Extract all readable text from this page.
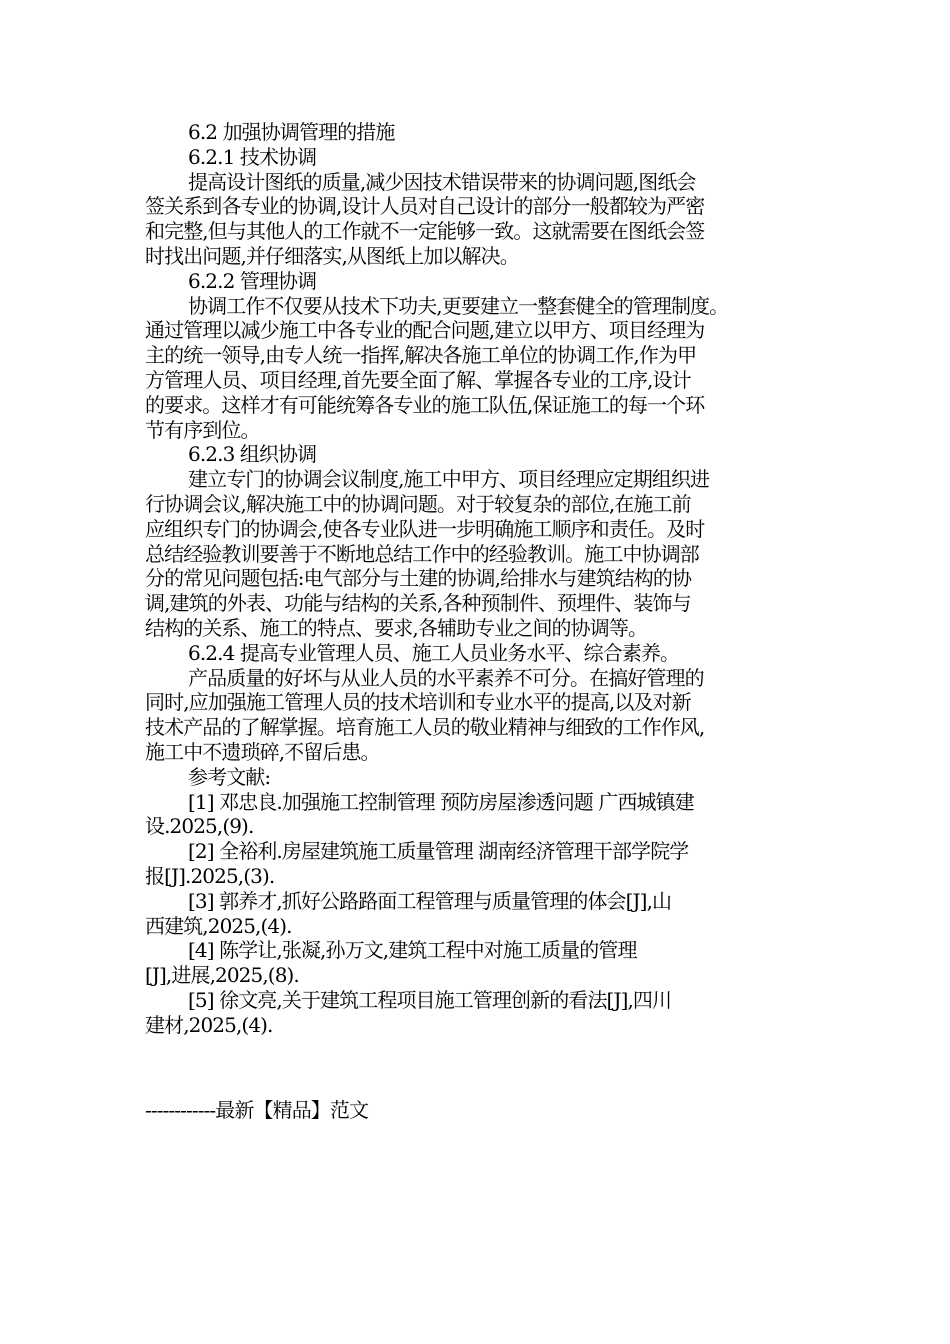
6.2 加强协调管理的措施
6.2.1 技术协调
提高设计图纸的质量,减少因技术错误带来的协调问题,图纸会
签关系到各专业的协调,设计人员对自己设计的部分一般都较为严密
和完整,但与其他人的工作就不一定能够一致。这就需要在图纸会签
时找出问题,并仔细落实,从图纸上加以解决。
6.2.2 管理协调
协调工作不仅要从技术下功夫,更要建立一整套健全的管理制度。
通过管理以减少施工中各专业的配合问题,建立以甲方、项目经理为
主的统一领导,由专人统一指挥,解决各施工单位的协调工作,作为甲
方管理人员、项目经理,首先要全面了解、掌握各专业的工序,设计
的要求。这样才有可能统筹各专业的施工队伍,保证施工的每一个环
节有序到位。
6.2.3 组织协调
建立专门的协调会议制度,施工中甲方、项目经理应定期组织进
行协调会议,解决施工中的协调问题。对于较复杂的部位,在施工前
应组织专门的协调会,使各专业队进一步明确施工顺序和责任。及时
总结经验教训要善于不断地总结工作中的经验教训。施工中协调部
分的常见问题包括:电气部分与土建的协调,给排水与建筑结构的协
调,建筑的外表、功能与结构的关系,各种预制件、预埋件、装饰与
结构的关系、施工的特点、要求,各辅助专业之间的协调等。
6.2.4 提高专业管理人员、施工人员业务水平、综合素养。
产品质量的好坏与从业人员的水平素养不可分。在搞好管理的
同时,应加强施工管理人员的技术培训和专业水平的提高,以及对新
技术产品的了解掌握。培育施工人员的敬业精神与细致的工作作风,
施工中不遗琐碎,不留后患。
参考文献:
[1] 邓忠良.加强施工控制管理 预防房屋渗透问题 广西城镇建
设.2025,(9).
[2] 全裕利.房屋建筑施工质量管理 湖南经济管理干部学院学
报[J].2025,(3).
[3] 郭养才,抓好公路路面工程管理与质量管理的体会[J],山
西建筑,2025,(4).
[4] 陈学让,张凝,孙万文,建筑工程中对施工质量的管理
[J],进展,2025,(8).
[5] 徐文亮,关于建筑工程项目施工管理创新的看法[J],四川
建材,2025,(4).
------------最新【精品】范文
